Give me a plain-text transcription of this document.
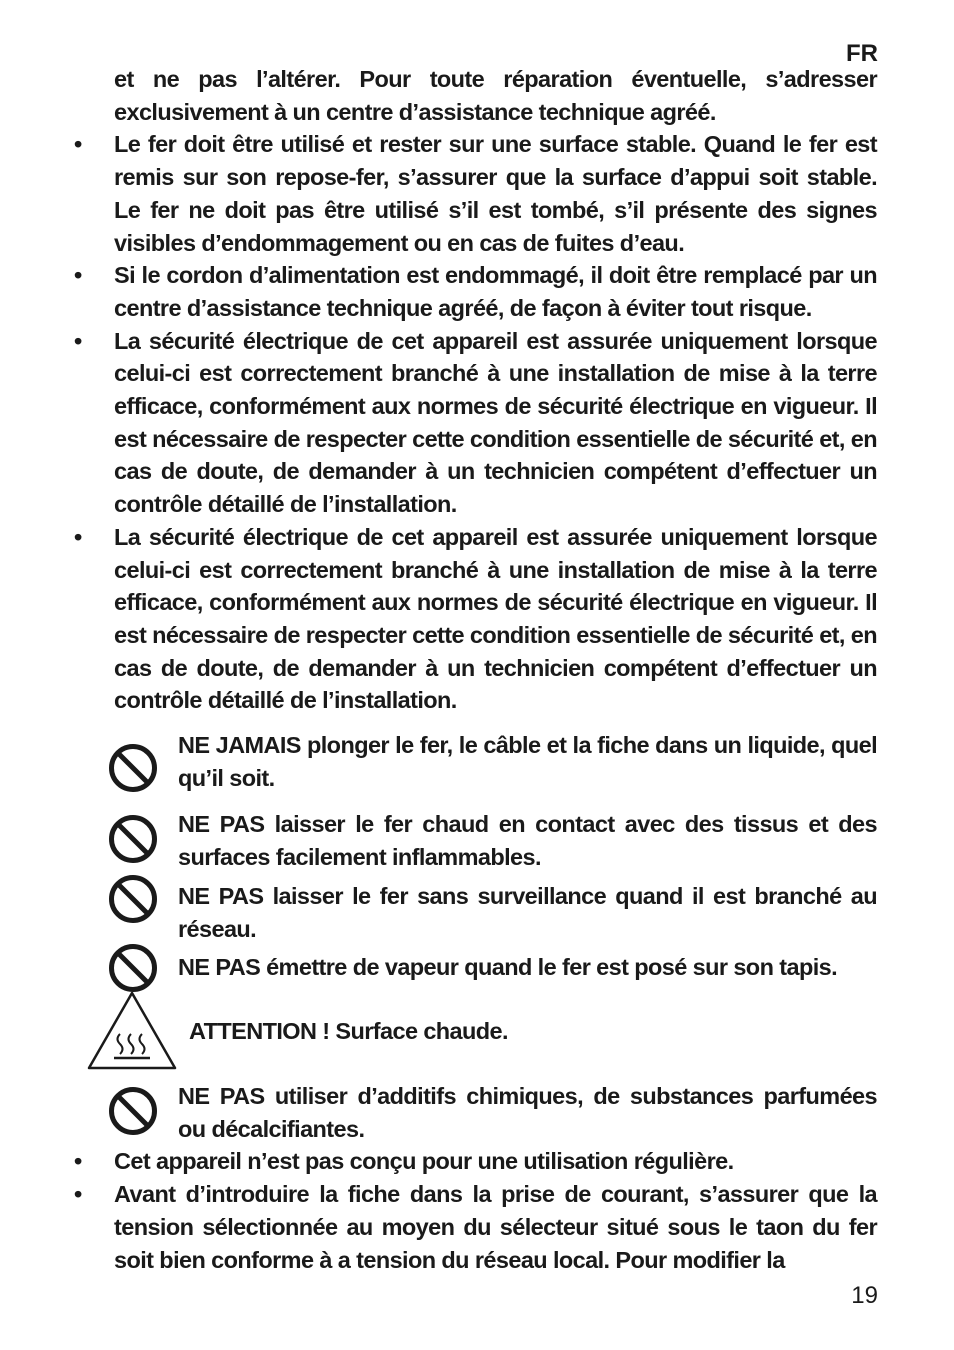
FR

et ne pas l’altérer. Pour toute réparation éventuelle, s’adresser exclusivement à un centre d’assistance technique agréé.

• Le fer doit être utilisé et rester sur une surface stable. Quand le fer est remis sur son repose-fer, s’assurer que la surface d’appui soit stable. Le fer ne doit pas être utilisé s’il est tombé, s’il présente des signes visibles d’endommagement ou en cas de fuites d’eau.

• Si le cordon d’alimentation est endommagé, il doit être remplacé par un centre d’assistance technique agréé, de façon à éviter tout risque.

• La sécurité électrique de cet appareil est assurée uniquement lorsque celui-ci est correctement branché à une installation de mise à la terre efficace, conformément aux normes de sécurité électrique en vigueur. Il est nécessaire de respecter cette condition essentielle de sécurité et, en cas de doute, de demander à un technicien compétent d’effectuer un contrôle détaillé de l’installation.

• La sécurité électrique de cet appareil est assurée uniquement lorsque celui-ci est correctement branché à une installation de mise à la terre efficace, conformément aux normes de sécurité électrique en vigueur. Il est nécessaire de respecter cette condition essentielle de sécurité et, en cas de doute, de demander à un technicien compétent d’effectuer un contrôle détaillé de l’installation.

NE JAMAIS plonger le fer, le câble et la fiche dans un liquide, quel qu’il soit.

NE PAS laisser le fer chaud en contact avec des tissus et des surfaces facilement inflammables.

NE PAS laisser le fer sans surveillance quand il est branché au réseau.

NE PAS émettre de vapeur quand le fer est posé sur son tapis.

ATTENTION ! Surface chaude.

NE PAS utiliser d’additifs chimiques, de substances parfumées ou décalcifiantes.

• Cet appareil n’est pas conçu pour une utilisation régulière.

• Avant d’introduire la fiche dans la prise de courant, s’assurer que la tension sélectionnée au moyen du sélecteur situé sous le taon du fer soit bien conforme à a tension du réseau local. Pour modifier la

19
